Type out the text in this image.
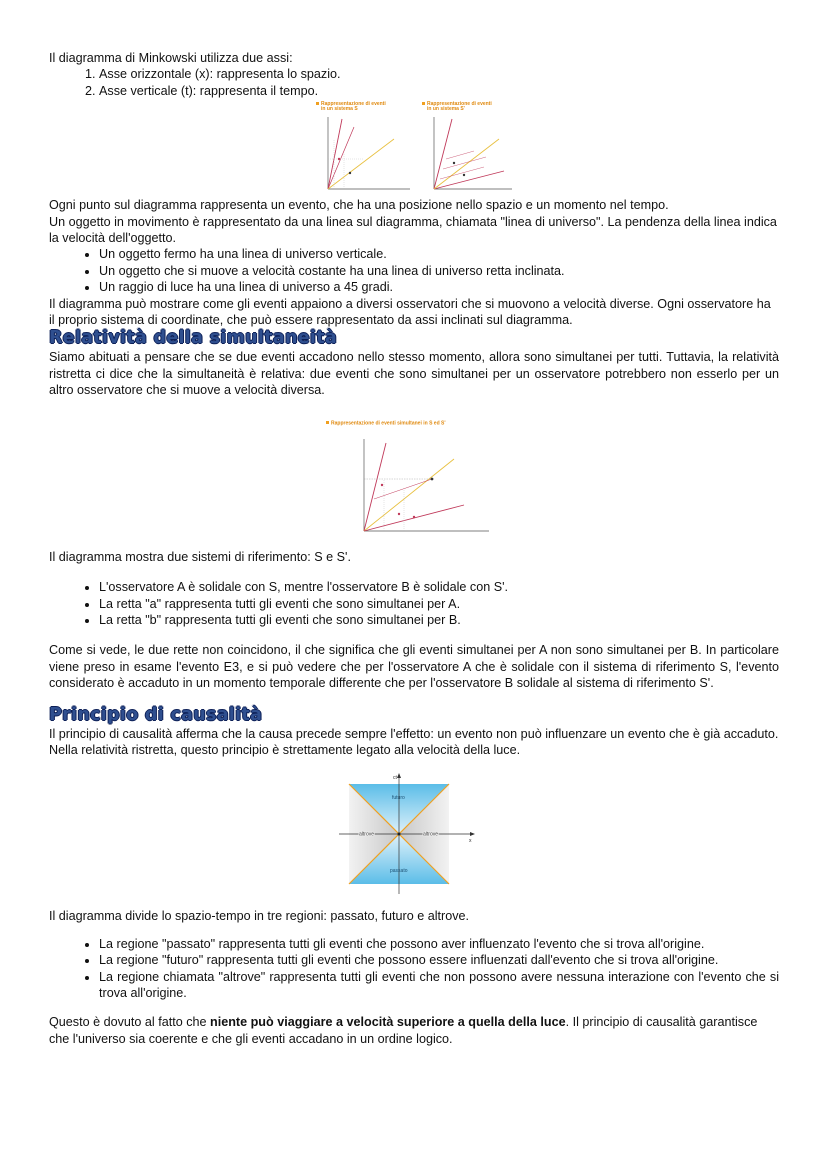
Il diagramma di Minkowski utilizza due assi:

1. Asse orizzontale (x): rappresenta lo spazio.
2. Asse verticale (t): rappresenta il tempo.
Rappresentazione di eventi
in un sistema S
Rappresentazione di eventi
in un sistema S'

Ogni punto sul diagramma rappresenta un evento, che ha una posizione nello spazio e un momento nel tempo.

Un oggetto in movimento è rappresentato da una linea sul diagramma, chiamata "linea di universo". La pendenza della linea indica la velocità dell'oggetto.

• Un oggetto fermo ha una linea di universo verticale.
• Un oggetto che si muove a velocità costante ha una linea di universo retta inclinata.
• Un raggio di luce ha una linea di universo a 45 gradi.

Il diagramma può mostrare come gli eventi appaiono a diversi osservatori che si muovono a velocità diverse. Ogni osservatore ha il proprio sistema di coordinate, che può essere rappresentato da assi inclinati sul diagramma.

Relatività della simultaneità

Siamo abituati a pensare che se due eventi accadono nello stesso momento, allora sono simultanei per tutti. Tuttavia, la relatività ristretta ci dice che la simultaneità è relativa: due eventi che sono simultanei per un osservatore potrebbero non esserlo per un altro osservatore che si muove a velocità diversa.

Rappresentazione di eventi simultanei in S ed S'

Il diagramma mostra due sistemi di riferimento: S e S'.

• L'osservatore A è solidale con S, mentre l'osservatore B è solidale con S'.
• La retta "a" rappresenta tutti gli eventi che sono simultanei per A.
• La retta "b" rappresenta tutti gli eventi che sono simultanei per B.

Come si vede, le due rette non coincidono, il che significa che gli eventi simultanei per A non sono simultanei per B. In particolare viene preso in esame l'evento E3, e si può vedere che per l'osservatore A che è solidale con il sistema di riferimento S, l'evento considerato è accaduto in un momento temporale differente che per l'osservatore B solidale al sistema di riferimento S'.

Principio di causalità

Il principio di causalità afferma che la causa precede sempre l'effetto: un evento non può influenzare un evento che è già accaduto. Nella relatività ristretta, questo principio è strettamente legato alla velocità della luce.

ct
x
futuro
passato
altrove	altrove

Il diagramma divide lo spazio-tempo in tre regioni: passato, futuro e altrove.

• La regione "passato" rappresenta tutti gli eventi che possono aver influenzato l'evento che si trova all'origine.
• La regione "futuro" rappresenta tutti gli eventi che possono essere influenzati dall'evento che si trova all'origine.
• La regione chiamata "altrove" rappresenta tutti gli eventi che non possono avere nessuna interazione con l'evento che si trova all'origine.

Questo è dovuto al fatto che niente può viaggiare a velocità superiore a quella della luce. Il principio di causalità garantisce che l'universo sia coerente e che gli eventi accadano in un ordine logico.
